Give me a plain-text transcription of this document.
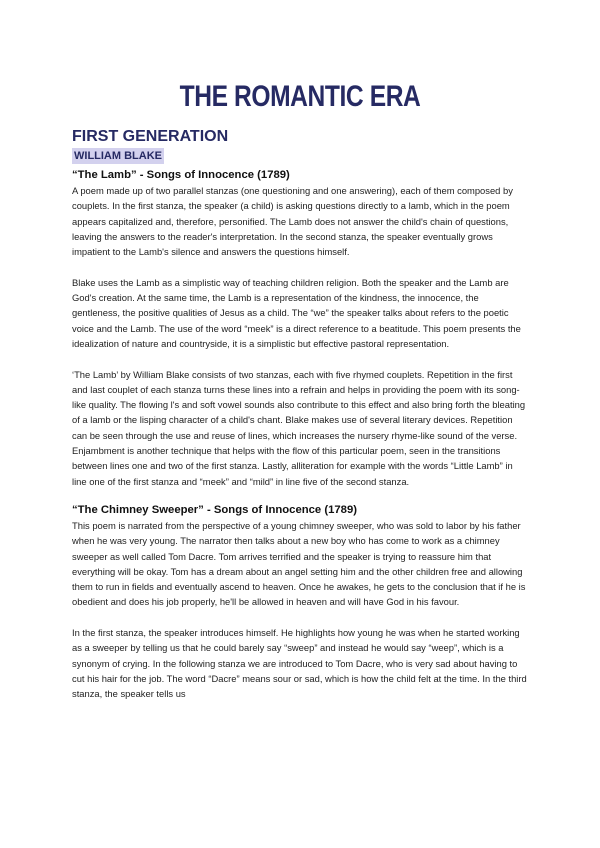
THE ROMANTIC ERA
FIRST GENERATION
WILLIAM BLAKE
“The Lamb” - Songs of Innocence (1789)

A poem made up of two parallel stanzas (one questioning and one answering), each of them composed by couplets. In the first stanza, the speaker (a child) is asking questions directly to a lamb, which in the poem appears capitalized and, therefore, personified. The Lamb does not answer the child's chain of questions, leaving the answers to the reader's interpretation. In the second stanza, the speaker eventually grows impatient to the Lamb's silence and answers the questions himself.

Blake uses the Lamb as a simplistic way of teaching children religion. Both the speaker and the Lamb are God's creation. At the same time, the Lamb is a representation of the kindness, the innocence, the gentleness, the positive qualities of Jesus as a child. The “we” the speaker talks about refers to the poetic voice and the Lamb. The use of the word “meek” is a direct reference to a beatitude. This poem presents the idealization of nature and countryside, it is a simplistic but effective pastoral representation.

‘The Lamb’ by William Blake consists of two stanzas, each with five rhymed couplets. Repetition in the first and last couplet of each stanza turns these lines into a refrain and helps in providing the poem with its song-like quality. The flowing l's and soft vowel sounds also contribute to this effect and also bring forth the bleating of a lamb or the lisping character of a child's chant. Blake makes use of several literary devices. Repetition can be seen through the use and reuse of lines, which increases the nursery rhyme-like sound of the verse. Enjambment is another technique that helps with the flow of this particular poem, seen in the transitions between lines one and two of the first stanza. Lastly, alliteration for example with the words “Little Lamb” in line one of the first stanza and “meek” and “mild” in line five of the second stanza.

“The Chimney Sweeper” - Songs of Innocence (1789)

This poem is narrated from the perspective of a young chimney sweeper, who was sold to labor by his father when he was very young. The narrator then talks about a new boy who has come to work as a chimney sweeper as well called Tom Dacre. Tom arrives terrified and the speaker is trying to reassure him that everything will be okay. Tom has a dream about an angel setting him and the other children free and allowing them to run in fields and eventually ascend to heaven. Once he awakes, he gets to the conclusion that if he is obedient and does his job properly, he'll be allowed in heaven and will have God in his favour.

In the first stanza, the speaker introduces himself. He highlights how young he was when he started working as a sweeper by telling us that he could barely say “sweep” and instead he would say “weep”, which is a synonym of crying. In the following stanza we are introduced to Tom Dacre, who is very sad about having to cut his hair for the job. The word “Dacre” means sour or sad, which is how the child felt at the time. In the third stanza, the speaker tells us
